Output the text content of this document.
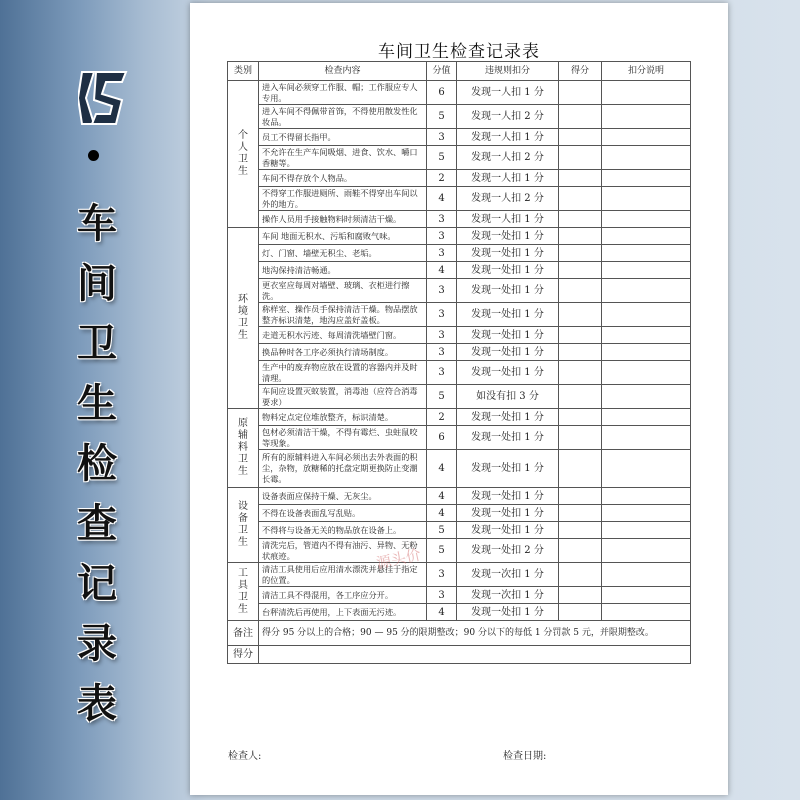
车
间
卫
生
检
查
记
录
表
车间卫生检查记录表
类别	检查内容	分值	违规则扣分	得分	扣分说明

个
人
卫
生	进入车间必须穿工作服、帽；工作服应专人专用。	6	发现一人扣 1 分		
	进入车间不得佩带首饰，不得使用散发性化妆品。	5	发现一人扣 2 分		
	员工不得留长指甲。	3	发现一人扣 1 分		
	不允许在生产车间吸烟、进食、饮水、嚼口香糖等。	5	发现一人扣 2 分		
	车间不得存放个人物品。	2	发现一人扣 1 分		
	不得穿工作服进厕所、雨鞋不得穿出车间以外的地方。	4	发现一人扣 2 分		
	操作人员用手接触物料时须清洁干燥。	3	发现一人扣 1 分		

环
境
卫
生	车间 地面无积水、污垢和腐败气味。	3	发现一处扣 1 分		
	灯、门窗、墙壁无积尘、老垢。	3	发现一处扣 1 分		
	地沟保持清洁畅通。	4	发现一处扣 1 分		
	更衣室应每周对墙壁、玻璃、衣柜进行擦洗。	3	发现一处扣 1 分		
	称样室、操作员手保持清洁干燥。物品摆放整齐标识清楚，地沟应盖好盖板。	3	发现一处扣 1 分		
	走道无积水污迹、每周清洗墙壁门窗。	3	发现一处扣 1 分		
	换品种时各工序必须执行清场制度。	3	发现一处扣 1 分		
	生产中的废弃物应放在设置的容器内并及时清理。	3	发现一处扣 1 分		
	车间应设置灭蚊装置，消毒池（应符合消毒要求）	5	如没有扣 3 分		

原
辅
料
卫
生	物料定点定位堆放整齐，标识清楚。	2	发现一处扣 1 分		
	包材必须清洁干燥，不得有霉烂、虫蛀鼠咬等现象。	6	发现一处扣 1 分		
	所有的原辅料进入车间必须出去外表面的积尘，杂物，放糖稀的托盘定期更换防止变潮长霉。	4	发现一处扣 1 分		

设
备
卫
生	设备表面应保持干燥、无灰尘。	4	发现一处扣 1 分		
	不得在设备表面乱写乱贴。	4	发现一处扣 1 分		
	不得将与设备无关的物品放在设备上。	5	发现一处扣 1 分		
	清洗完后，管道内不得有油污、异物、无粉状痕迹。	5	发现一处扣 2 分		

工
具
卫
生	清洁工具使用后应用清水漂洗并悬挂于指定的位置。	3	发现一次扣 1 分		
	清洁工具不得混用，各工序应分开。	3	发现一次扣 1 分		
	台秤清洗后再使用，上下表面无污迹。	4	发现一处扣 1 分		
备注	得分 95 分以上的合格；90 — 95 分的限期整改；90 分以下的每低 1 分罚款 5 元，并限期整改。				
得分					
检查人:	检查日期:
源头价
